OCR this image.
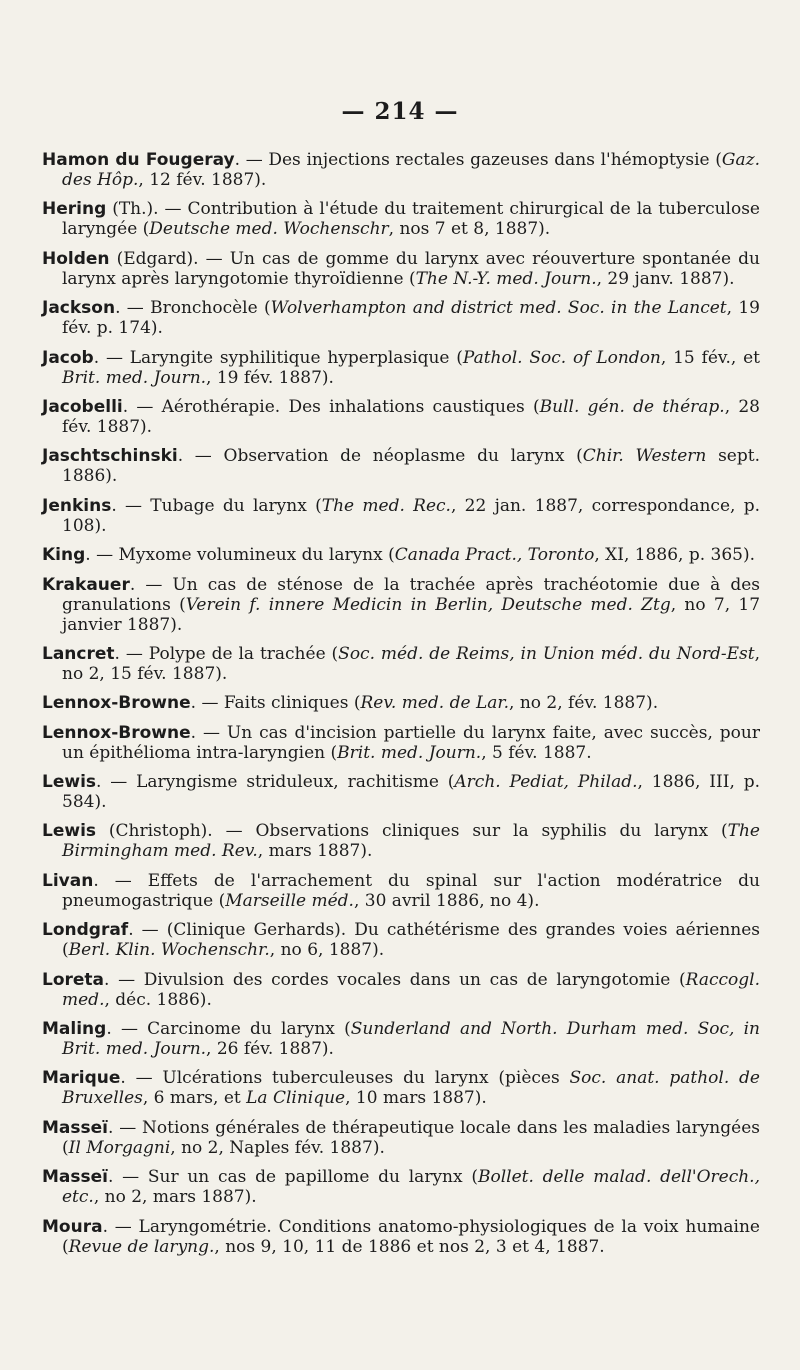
— 214 —
Hamon du Fougeray. — Des injections rectales gazeuses dans l'hémoptysie (Gaz. des Hôp., 12 fév. 1887).
Hering (Th.). — Contribution à l'étude du traitement chirurgical de la tuberculose laryngée (Deutsche med. Wochenschr, nos 7 et 8, 1887).
Holden (Edgard). — Un cas de gomme du larynx avec réouverture spontanée du larynx après laryngotomie thyroïdienne (The N.-Y. med. Journ., 29 janv. 1887).
Jackson. — Bronchocèle (Wolverhampton and district med. Soc. in the Lancet, 19 fév. p. 174).
Jacob. — Laryngite syphilitique hyperplasique (Pathol. Soc. of London, 15 fév., et Brit. med. Journ., 19 fév. 1887).
Jacobelli. — Aérothérapie. Des inhalations caustiques (Bull. gén. de thérap., 28 fév. 1887).
Jaschtschinski. — Observation de néoplasme du larynx (Chir. Western sept. 1886).
Jenkins. — Tubage du larynx (The med. Rec., 22 jan. 1887, correspondance, p. 108).
King. — Myxome volumineux du larynx (Canada Pract., Toronto, XI, 1886, p. 365).
Krakauer. — Un cas de sténose de la trachée après trachéotomie due à des granulations (Verein f. innere Medicin in Berlin, Deutsche med. Ztg, no 7, 17 janvier 1887).
Lancret. — Polype de la trachée (Soc. méd. de Reims, in Union méd. du Nord-Est, no 2, 15 fév. 1887).
Lennox-Browne. — Faits cliniques (Rev. med. de Lar., no 2, fév. 1887).
Lennox-Browne. — Un cas d'incision partielle du larynx faite, avec succès, pour un épithélioma intra-laryngien (Brit. med. Journ., 5 fév. 1887.
Lewis. — Laryngisme striduleux, rachitisme (Arch. Pediat, Philad., 1886, III, p. 584).
Lewis (Christoph). — Observations cliniques sur la syphilis du larynx (The Birmingham med. Rev., mars 1887).
Livan. — Effets de l'arrachement du spinal sur l'action modératrice du pneumogastrique (Marseille méd., 30 avril 1886, no 4).
Londgraf. — (Clinique Gerhards). Du cathétérisme des grandes voies aériennes (Berl. Klin. Wochenschr., no 6, 1887).
Loreta. — Divulsion des cordes vocales dans un cas de laryngotomie (Raccogl. med., déc. 1886).
Maling. — Carcinome du larynx (Sunderland and North. Durham med. Soc, in Brit. med. Journ., 26 fév. 1887).
Marique. — Ulcérations tuberculeuses du larynx (pièces Soc. anat. pathol. de Bruxelles, 6 mars, et La Clinique, 10 mars 1887).
Masseï. — Notions générales de thérapeutique locale dans les maladies laryngées (Il Morgagni, no 2, Naples fév. 1887).
Masseï. — Sur un cas de papillome du larynx (Bollet. delle malad. dell'Orech., etc., no 2, mars 1887).
Moura. — Laryngométrie. Conditions anatomo-physiologiques de la voix humaine (Revue de laryng., nos 9, 10, 11 de 1886 et nos 2, 3 et 4, 1887.
